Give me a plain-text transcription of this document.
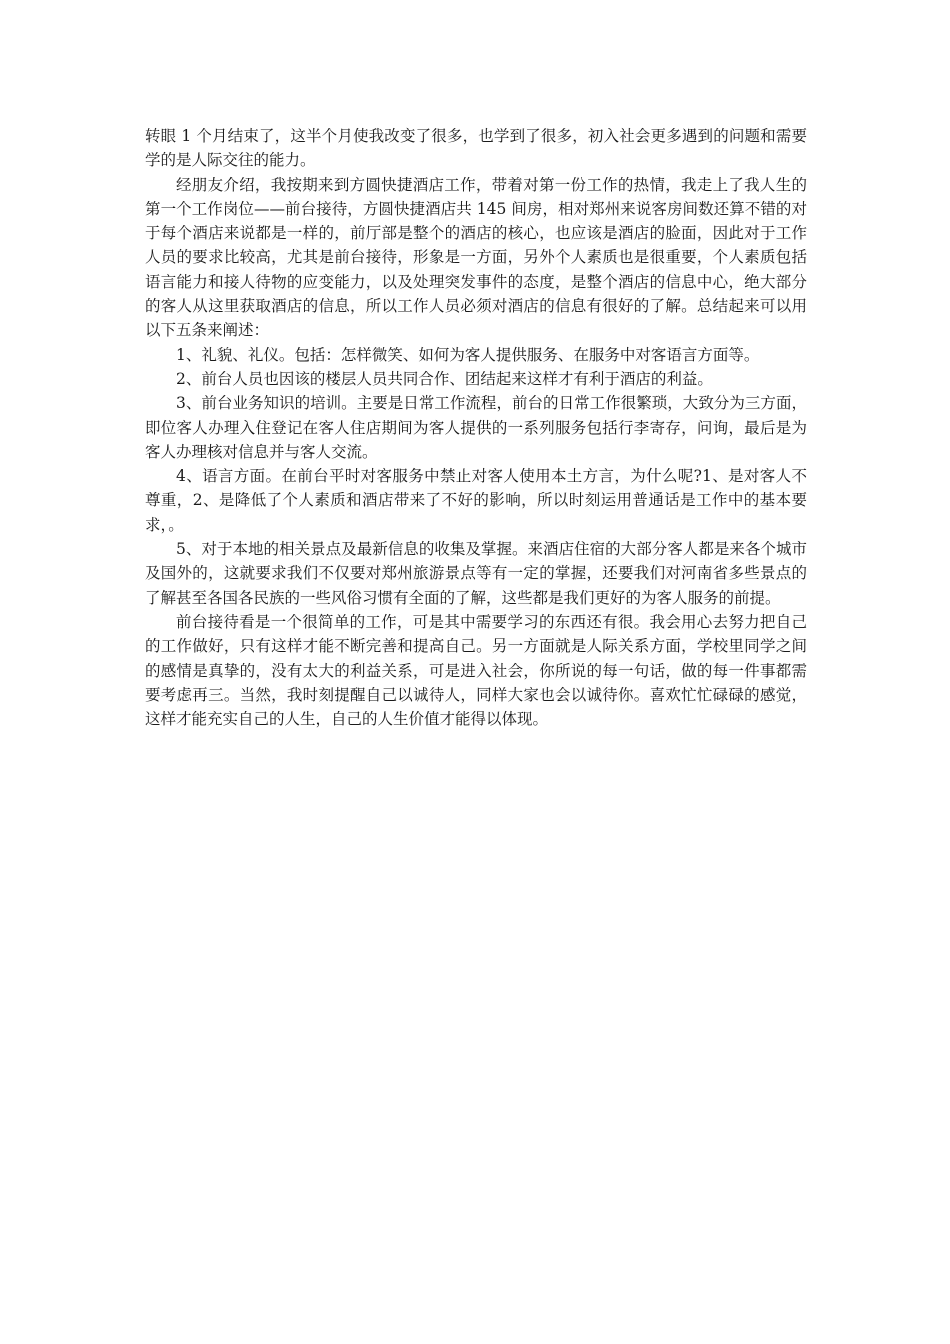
转眼 1 个月结束了，这半个月使我改变了很多，也学到了很多，初入社会更多遇到的问题和需要学的是人际交往的能力。

经朋友介绍，我按期来到方圆快捷酒店工作，带着对第一份工作的热情，我走上了我人生的第一个工作岗位——前台接待，方圆快捷酒店共 145 间房，相对郑州来说客房间数还算不错的对于每个酒店来说都是一样的，前厅部是整个的酒店的核心，也应该是酒店的脸面，因此对于工作人员的要求比较高，尤其是前台接待，形象是一方面，另外个人素质也是很重要，个人素质包括语言能力和接人待物的应变能力，以及处理突发事件的态度，是整个酒店的信息中心，绝大部分的客人从这里获取酒店的信息，所以工作人员必须对酒店的信息有很好的了解。总结起来可以用以下五条来阐述：

1、礼貌、礼仪。包括：怎样微笑、如何为客人提供服务、在服务中对客语言方面等。

2、前台人员也因该的楼层人员共同合作、团结起来这样才有利于酒店的利益。

3、前台业务知识的培训。主要是日常工作流程，前台的日常工作很繁琐，大致分为三方面，即位客人办理入住登记在客人住店期间为客人提供的一系列服务包括行李寄存，问询，最后是为客人办理核对信息并与客人交流。

4、语言方面。在前台平时对客服务中禁止对客人使用本土方言，为什么呢?1、是对客人不尊重，2、是降低了个人素质和酒店带来了不好的影响，所以时刻运用普通话是工作中的基本要求，。

5、对于本地的相关景点及最新信息的收集及掌握。来酒店住宿的大部分客人都是来各个城市及国外的，这就要求我们不仅要对郑州旅游景点等有一定的掌握，还要我们对河南省多些景点的了解甚至各国各民族的一些风俗习惯有全面的了解，这些都是我们更好的为客人服务的前提。

前台接待看是一个很简单的工作，可是其中需要学习的东西还有很。我会用心去努力把自己的工作做好，只有这样才能不断完善和提高自己。另一方面就是人际关系方面，学校里同学之间的感情是真挚的，没有太大的利益关系，可是进入社会，你所说的每一句话，做的每一件事都需要考虑再三。当然，我时刻提醒自己以诚待人，同样大家也会以诚待你。喜欢忙忙碌碌的感觉，这样才能充实自己的人生，自己的人生价值才能得以体现。
